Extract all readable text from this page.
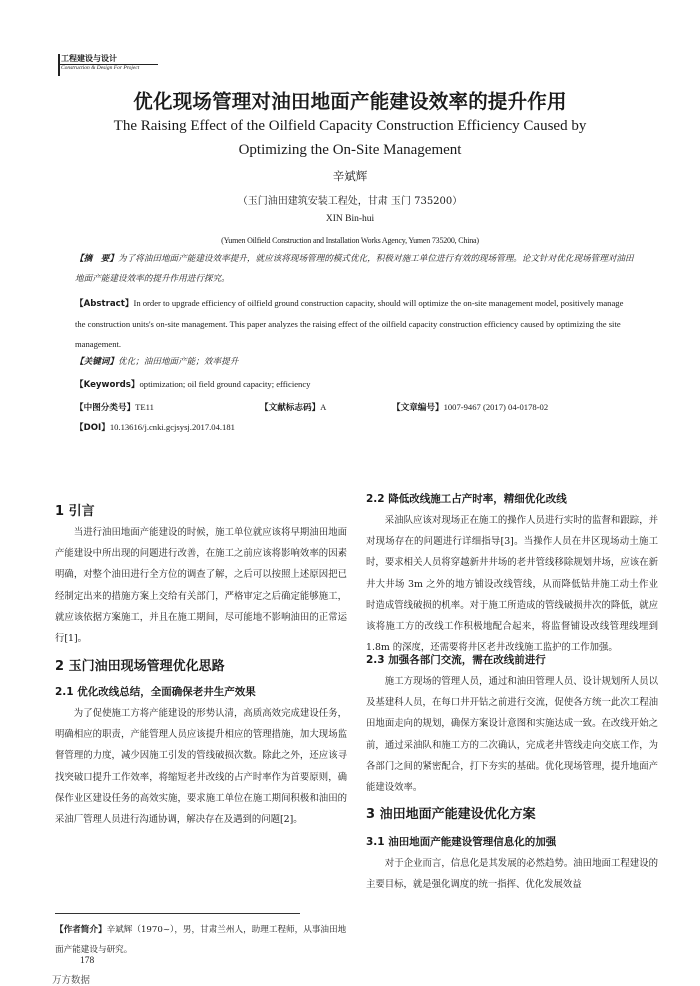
工程建设与设计
Construction & Design For Project
优化现场管理对油田地面产能建设效率的提升作用
The Raising Effect of the Oilfield Capacity Construction Efficiency Caused by
Optimizing the On-Site Management
辛斌辉
（玉门油田建筑安装工程处，甘肃 玉门 735200）
XIN Bin-hui
(Yumen Oilfield Construction and Installation Works Agency, Yumen 735200, China)
【摘　要】为了将油田地面产能建设效率提升，就应该将现场管理的模式优化，积极对施工单位进行有效的现场管理。论文针对优化现场管理对油田地面产能建设效率的提升作用进行探究。
【Abstract】In order to upgrade efficiency of oilfield ground construction capacity, should will optimize the on-site management model, positively manage the construction units's on-site management. This paper analyzes the raising effect of the oilfield capacity construction efficiency caused by optimizing the site management.
【关键词】优化；油田地面产能；效率提升
【Keywords】optimization; oil field ground capacity; efficiency
【中图分类号】TE11	【文献标志码】A	【文章编号】1007-9467 (2017) 04-0178-02
【DOI】10.13616/j.cnki.gcjsysj.2017.04.181
1 引言

当进行油田地面产能建设的时候，施工单位就应该将早期油田地面产能建设中所出现的问题进行改善，在施工之前应该将影响效率的因素明确，对整个油田进行全方位的调查了解，之后可以按照上述原因把已经制定出来的措施方案上交给有关部门，严格审定之后确定能够施工，就应该依据方案施工，并且在施工期间，尽可能地不影响油田的正常运行[1]。

2 玉门油田现场管理优化思路
2.1 优化改线总结，全面确保老井生产效果

为了促使施工方将产能建设的形势认清，高质高效完成建设任务，明确相应的职责，产能管理人员应该提升相应的管理措施，加大现场监督管理的力度，减少因施工引发的管线破损次数。除此之外，还应该寻找突破口提升工作效率，将缩短老井改线的占产时率作为首要原则，确保作业区建设任务的高效实施，要求施工单位在施工期间积极和油田的采油厂管理人员进行沟通协调，解决存在及遇到的问题[2]。

【作者简介】辛斌辉（1970~），男，甘肃兰州人，助理工程师，从事油田地面产能建设与研究。
178
万方数据
2.2 降低改线施工占产时率，精细优化改线

采油队应该对现场正在施工的操作人员进行实时的监督和跟踪，并对现场存在的问题进行详细指导[3]。当操作人员在井区现场动土施工时，要求相关人员将穿越新井井场的老井管线移除规划井场，应该在新井大井场 3m 之外的地方铺设改线管线，从而降低钻井施工动土作业时造成管线破损的机率。对于施工所造成的管线破损井次的降低，就应该将施工方的改线工作积极地配合起来，将监督铺设改线管理线埋到 1.8m 的深度，还需要将井区老井改线施工监护的工作加强。

2.3 加强各部门交流，需在改线前进行

施工方现场的管理人员，通过和油田管理人员、设计规划所人员以及基建科人员，在每口井开钻之前进行交流，促使各方统一此次工程油田地面走向的规划，确保方案设计意图和实施达成一致。在改线开始之前，通过采油队和施工方的二次确认，完成老井管线走向交底工作，为各部门之间的紧密配合，打下夯实的基础。优化现场管理，提升地面产能建设效率。

3 油田地面产能建设优化方案
3.1 油田地面产能建设管理信息化的加强

对于企业而言，信息化是其发展的必然趋势。油田地面工程建设的主要目标，就是强化调度的统一指挥、优化发展效益
